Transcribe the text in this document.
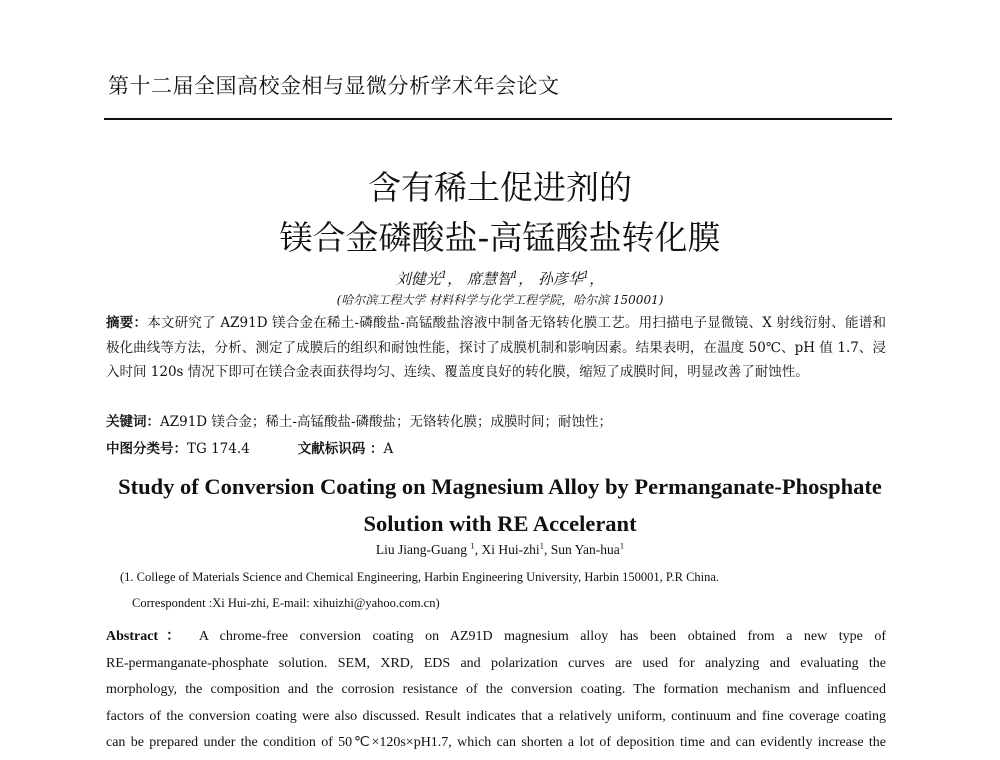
第十二届全国高校金相与显微分析学术年会论文
含有稀土促进剂的
镁合金磷酸盐-高锰酸盐转化膜
刘健光$^1$， 席慧智$^1$， 孙彦华$^1$，
(哈尔滨工程大学 材料科学与化学工程学院，哈尔滨 150001)
摘要：本文研究了 AZ91D 镁合金在稀土-磷酸盐-高锰酸盐溶液中制备无铬转化膜工艺。用扫描电子显微镜、X 射线衍射、能谱和极化曲线等方法，分析、测定了成膜后的组织和耐蚀性能，探讨了成膜机制和影响因素。结果表明，在温度 50℃、pH 值 1.7、浸入时间 120s 情况下即可在镁合金表面获得均匀、连续、覆盖度良好的转化膜，缩短了成膜时间，明显改善了耐蚀性。
关键词：AZ91D 镁合金；稀土-高锰酸盐-磷酸盐；无铬转化膜；成膜时间；耐蚀性；
中图分类号：TG 174.4	文献标识码 ：A
Study of Conversion Coating on Magnesium Alloy by Permanganate-Phosphate
Solution with RE Accelerant
Liu Jiang-Guang $^1$, Xi Hui-zhi$^1$, Sun Yan-hua$^1$
(1. College of Materials Science and Chemical Engineering, Harbin Engineering University, Harbin 150001, P.R China.
Correspondent :Xi Hui-zhi, E-mail: xihuizhi@yahoo.com.cn)
Abstract： A chrome-free conversion coating on AZ91D magnesium alloy has been obtained from a new type of
RE-permanganate-phosphate solution. SEM, XRD, EDS and polarization curves are used for analyzing and evaluating the
morphology, the composition and the corrosion resistance of the conversion coating. The formation mechanism and influenced
factors of the conversion coating were also discussed. Result indicates that a relatively uniform, continuum and fine coverage coating
can be prepared under the condition of 50℃×120s×pH1.7, which can shorten a lot of deposition time and can evidently increase the
